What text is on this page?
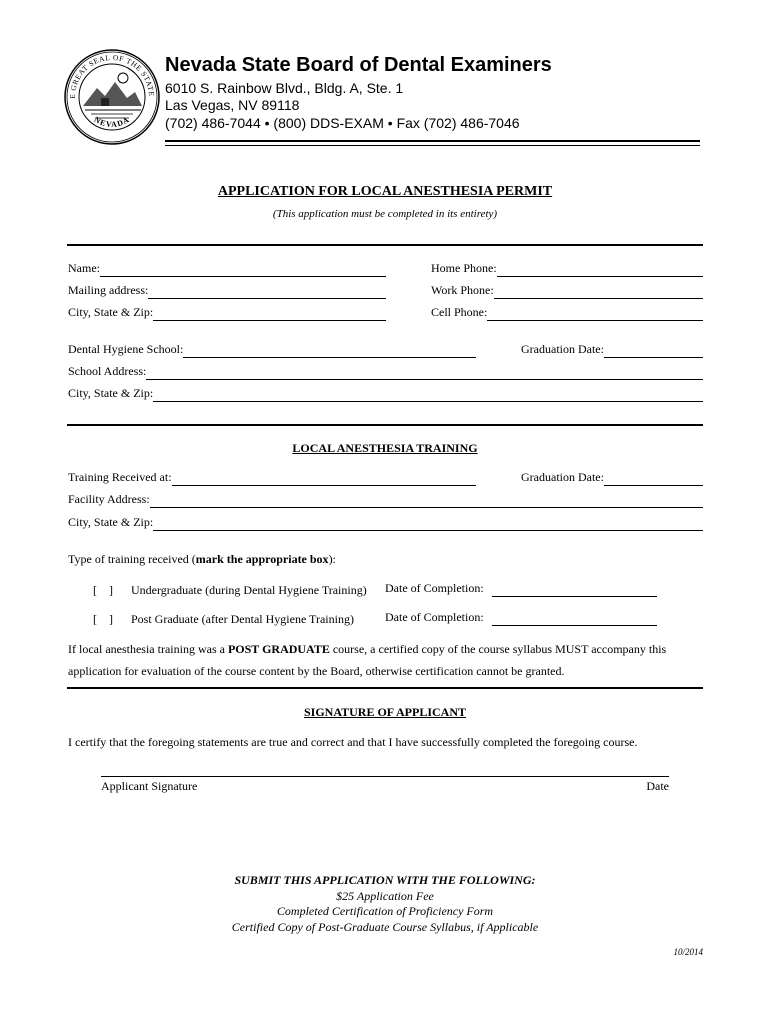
E GREAT SEAL OF THE STATE
NEVADA
Nevada State Board of Dental Examiners
6010 S. Rainbow Blvd., Bldg. A, Ste. 1
Las Vegas, NV 89118
(702) 486-7044 • (800) DDS-EXAM • Fax (702) 486-7046
APPLICATION FOR LOCAL ANESTHESIA PERMIT
(This application must be completed in its entirety)
Name:	Home Phone:
Mailing address:	Work Phone:
City, State & Zip:	Cell Phone:
Dental Hygiene School:	Graduation Date:
School Address:
City, State & Zip:
LOCAL ANESTHESIA TRAINING
Training Received at:	Graduation Date:
Facility Address:
City, State & Zip:
Type of training received (mark the appropriate box):
[    ] Undergraduate (during Dental Hygiene Training) Date of Completion:
[    ] Post Graduate (after Dental Hygiene Training)	Date of Completion:
If local anesthesia training was a POST GRADUATE course, a certified copy of the course syllabus MUST accompany this
application for evaluation of the course content by the Board, otherwise certification cannot be granted.
SIGNATURE OF APPLICANT
I certify that the foregoing statements are true and correct and that I have successfully completed the foregoing course.
Applicant Signature	Date
SUBMIT THIS APPLICATION WITH THE FOLLOWING:
$25 Application Fee
Completed Certification of Proficiency Form
Certified Copy of Post-Graduate Course Syllabus, if Applicable
10/2014
